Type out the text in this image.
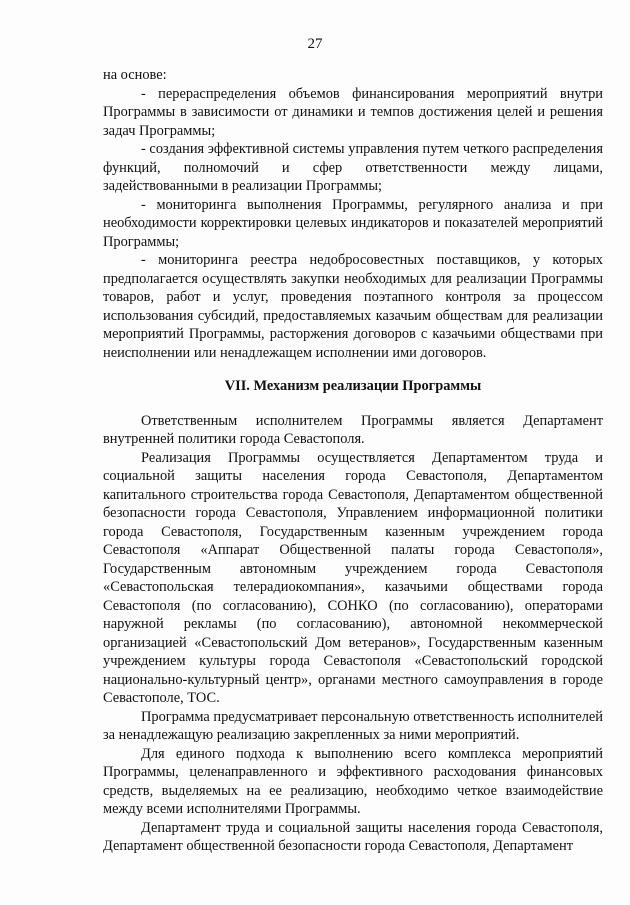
27

на основе:

- перераспределения объемов финансирования мероприятий внутри Программы в зависимости от динамики и темпов достижения целей и решения задач Программы;

- создания эффективной системы управления путем четкого распределения функций, полномочий и сфер ответственности между лицами, задействованными в реализации Программы;

- мониторинга выполнения Программы, регулярного анализа и при необходимости корректировки целевых индикаторов и показателей мероприятий Программы;

- мониторинга реестра недобросовестных поставщиков, у которых предполагается осуществлять закупки необходимых для реализации Программы товаров, работ и услуг, проведения поэтапного контроля за процессом использования субсидий, предоставляемых казачьим обществам для реализации мероприятий Программы, расторжения договоров с казачьими обществами при неисполнении или ненадлежащем исполнении ими договоров.

VII. Механизм реализации Программы

Ответственным исполнителем Программы является Департамент внутренней политики города Севастополя.

Реализация Программы осуществляется Департаментом труда и социальной защиты населения города Севастополя, Департаментом капитального строительства города Севастополя, Департаментом общественной безопасности города Севастополя, Управлением информационной политики города Севастополя, Государственным казенным учреждением города Севастополя «Аппарат Общественной палаты города Севастополя», Государственным автономным учреждением города Севастополя «Севастопольская телерадиокомпания», казачьими обществами города Севастополя (по согласованию), СОНКО (по согласованию), операторами наружной рекламы (по согласованию), автономной некоммерческой организацией «Севастопольский Дом ветеранов», Государственным казенным учреждением культуры города Севастополя «Севастопольский городской национально-культурный центр», органами местного самоуправления в городе Севастополе, ТОС.

Программа предусматривает персональную ответственность исполнителей за ненадлежащую реализацию закрепленных за ними мероприятий.

Для единого подхода к выполнению всего комплекса мероприятий Программы, целенаправленного и эффективного расходования финансовых средств, выделяемых на ее реализацию, необходимо четкое взаимодействие между всеми исполнителями Программы.

Департамент труда и социальной защиты населения города Севастополя, Департамент общественной безопасности города Севастополя, Департамент
